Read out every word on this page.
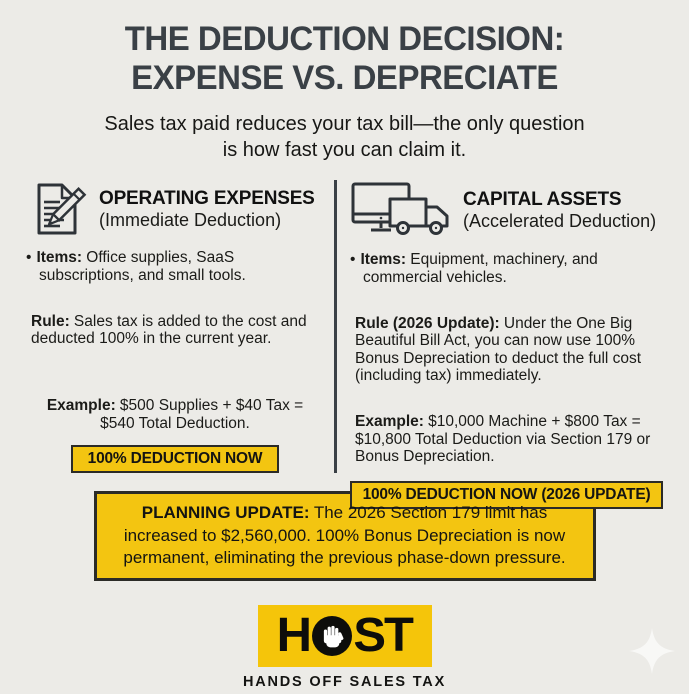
THE DEDUCTION DECISION:
EXPENSE VS. DEPRECIATE
Sales tax paid reduces your tax bill—the only question
is how fast you can claim it.
OPERATING EXPENSES
(Immediate Deduction)

• Items: Office supplies, SaaS subscriptions, and small tools.

Rule: Sales tax is added to the cost and deducted 100% in the current year.

Example: $500 Supplies + $40 Tax = $540 Total Deduction.

100% DEDUCTION NOW
CAPITAL ASSETS
(Accelerated Deduction)

• Items: Equipment, machinery, and commercial vehicles.

Rule (2026 Update): Under the One Big Beautiful Bill Act, you can now use 100% Bonus Depreciation to deduct the full cost (including tax) immediately.

Example: $10,000 Machine + $800 Tax = $10,800 Total Deduction via Section 179 or Bonus Depreciation.

100% DEDUCTION NOW (2026 UPDATE)
PLANNING UPDATE: The 2026 Section 179 limit has increased to $2,560,000. 100% Bonus Depreciation is now permanent, eliminating the previous phase-down pressure.
H ST
HANDS OFF SALES TAX
